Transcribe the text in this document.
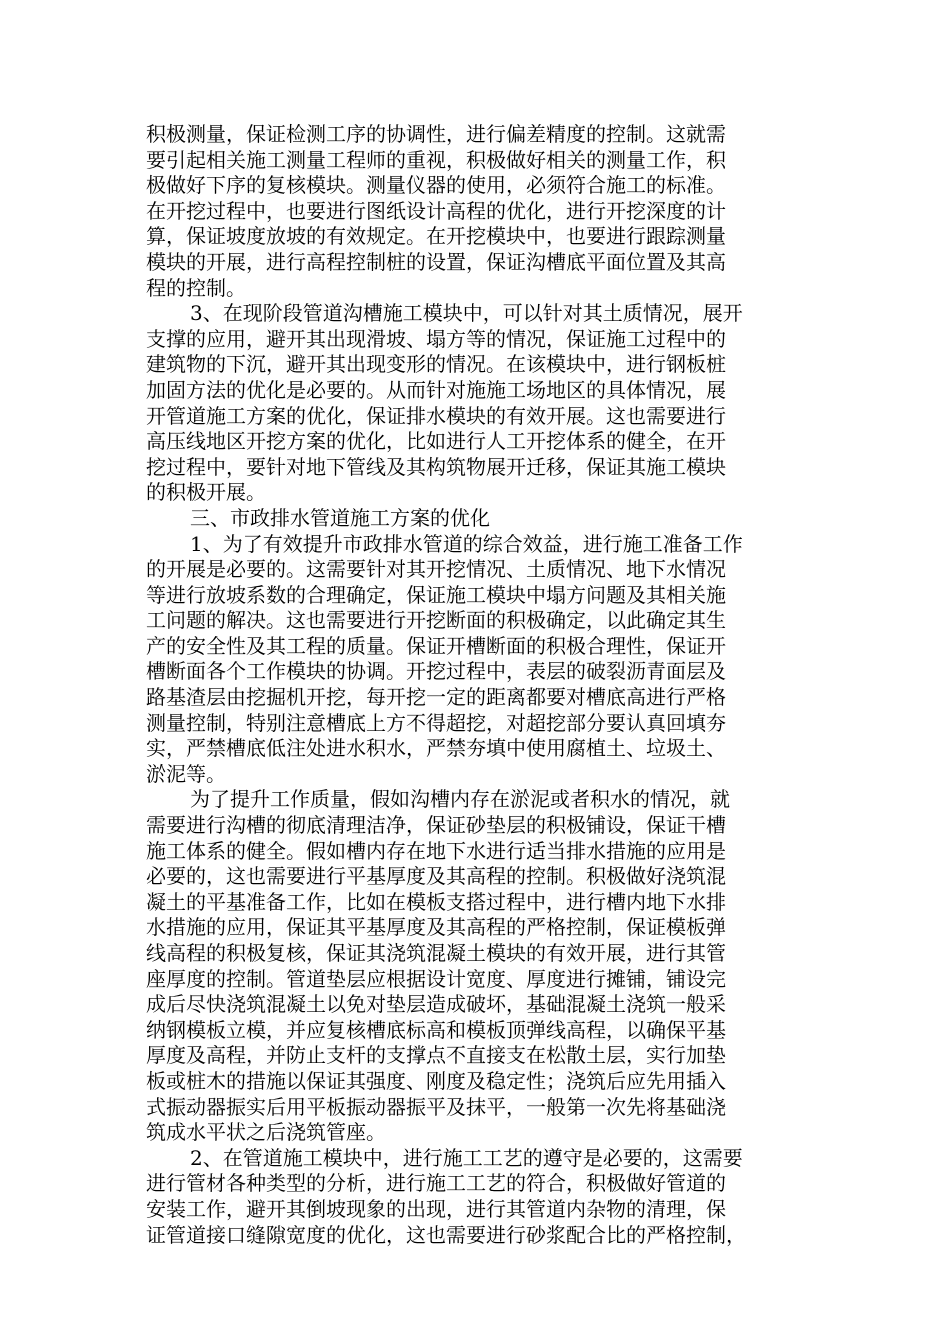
积极测量，保证检测工序的协调性，进行偏差精度的控制。这就需
要引起相关施工测量工程师的重视，积极做好相关的测量工作，积
极做好下序的复核模块。测量仪器的使用，必须符合施工的标准。
在开挖过程中，也要进行图纸设计高程的优化，进行开挖深度的计
算，保证坡度放坡的有效规定。在开挖模块中，也要进行跟踪测量
模块的开展，进行高程控制桩的设置，保证沟槽底平面位置及其高
程的控制。
3、在现阶段管道沟槽施工模块中，可以针对其土质情况，展开
支撑的应用，避开其出现滑坡、塌方等的情况，保证施工过程中的
建筑物的下沉，避开其出现变形的情况。在该模块中，进行钢板桩
加固方法的优化是必要的。从而针对施施工场地区的具体情况，展
开管道施工方案的优化，保证排水模块的有效开展。这也需要进行
高压线地区开挖方案的优化，比如进行人工开挖体系的健全，在开
挖过程中，要针对地下管线及其构筑物展开迁移，保证其施工模块
的积极开展。
三、市政排水管道施工方案的优化
1、为了有效提升市政排水管道的综合效益，进行施工准备工作
的开展是必要的。这需要针对其开挖情况、土质情况、地下水情况
等进行放坡系数的合理确定，保证施工模块中塌方问题及其相关施
工问题的解决。这也需要进行开挖断面的积极确定，以此确定其生
产的安全性及其工程的质量。保证开槽断面的积极合理性，保证开
槽断面各个工作模块的协调。开挖过程中，表层的破裂沥青面层及
路基渣层由挖掘机开挖，每开挖一定的距离都要对槽底高进行严格
测量控制，特别注意槽底上方不得超挖，对超挖部分要认真回填夯
实，严禁槽底低注处进水积水，严禁夯填中使用腐植土、垃圾土、
淤泥等。
为了提升工作质量，假如沟槽内存在淤泥或者积水的情况，就
需要进行沟槽的彻底清理洁净，保证砂垫层的积极铺设，保证干槽
施工体系的健全。假如槽内存在地下水进行适当排水措施的应用是
必要的，这也需要进行平基厚度及其高程的控制。积极做好浇筑混
凝土的平基准备工作，比如在模板支搭过程中，进行槽内地下水排
水措施的应用，保证其平基厚度及其高程的严格控制，保证模板弹
线高程的积极复核，保证其浇筑混凝土模块的有效开展，进行其管
座厚度的控制。管道垫层应根据设计宽度、厚度进行摊铺，铺设完
成后尽快浇筑混凝土以免对垫层造成破坏，基础混凝土浇筑一般采
纳钢模板立模，并应复核槽底标高和模板顶弹线高程，以确保平基
厚度及高程，并防止支杆的支撑点不直接支在松散土层，实行加垫
板或桩木的措施以保证其强度、刚度及稳定性；浇筑后应先用插入
式振动器振实后用平板振动器振平及抹平，一般第一次先将基础浇
筑成水平状之后浇筑管座。
2、在管道施工模块中，进行施工工艺的遵守是必要的，这需要
进行管材各种类型的分析，进行施工工艺的符合，积极做好管道的
安装工作，避开其倒坡现象的出现，进行其管道内杂物的清理，保
证管道接口缝隙宽度的优化，这也需要进行砂浆配合比的严格控制，
